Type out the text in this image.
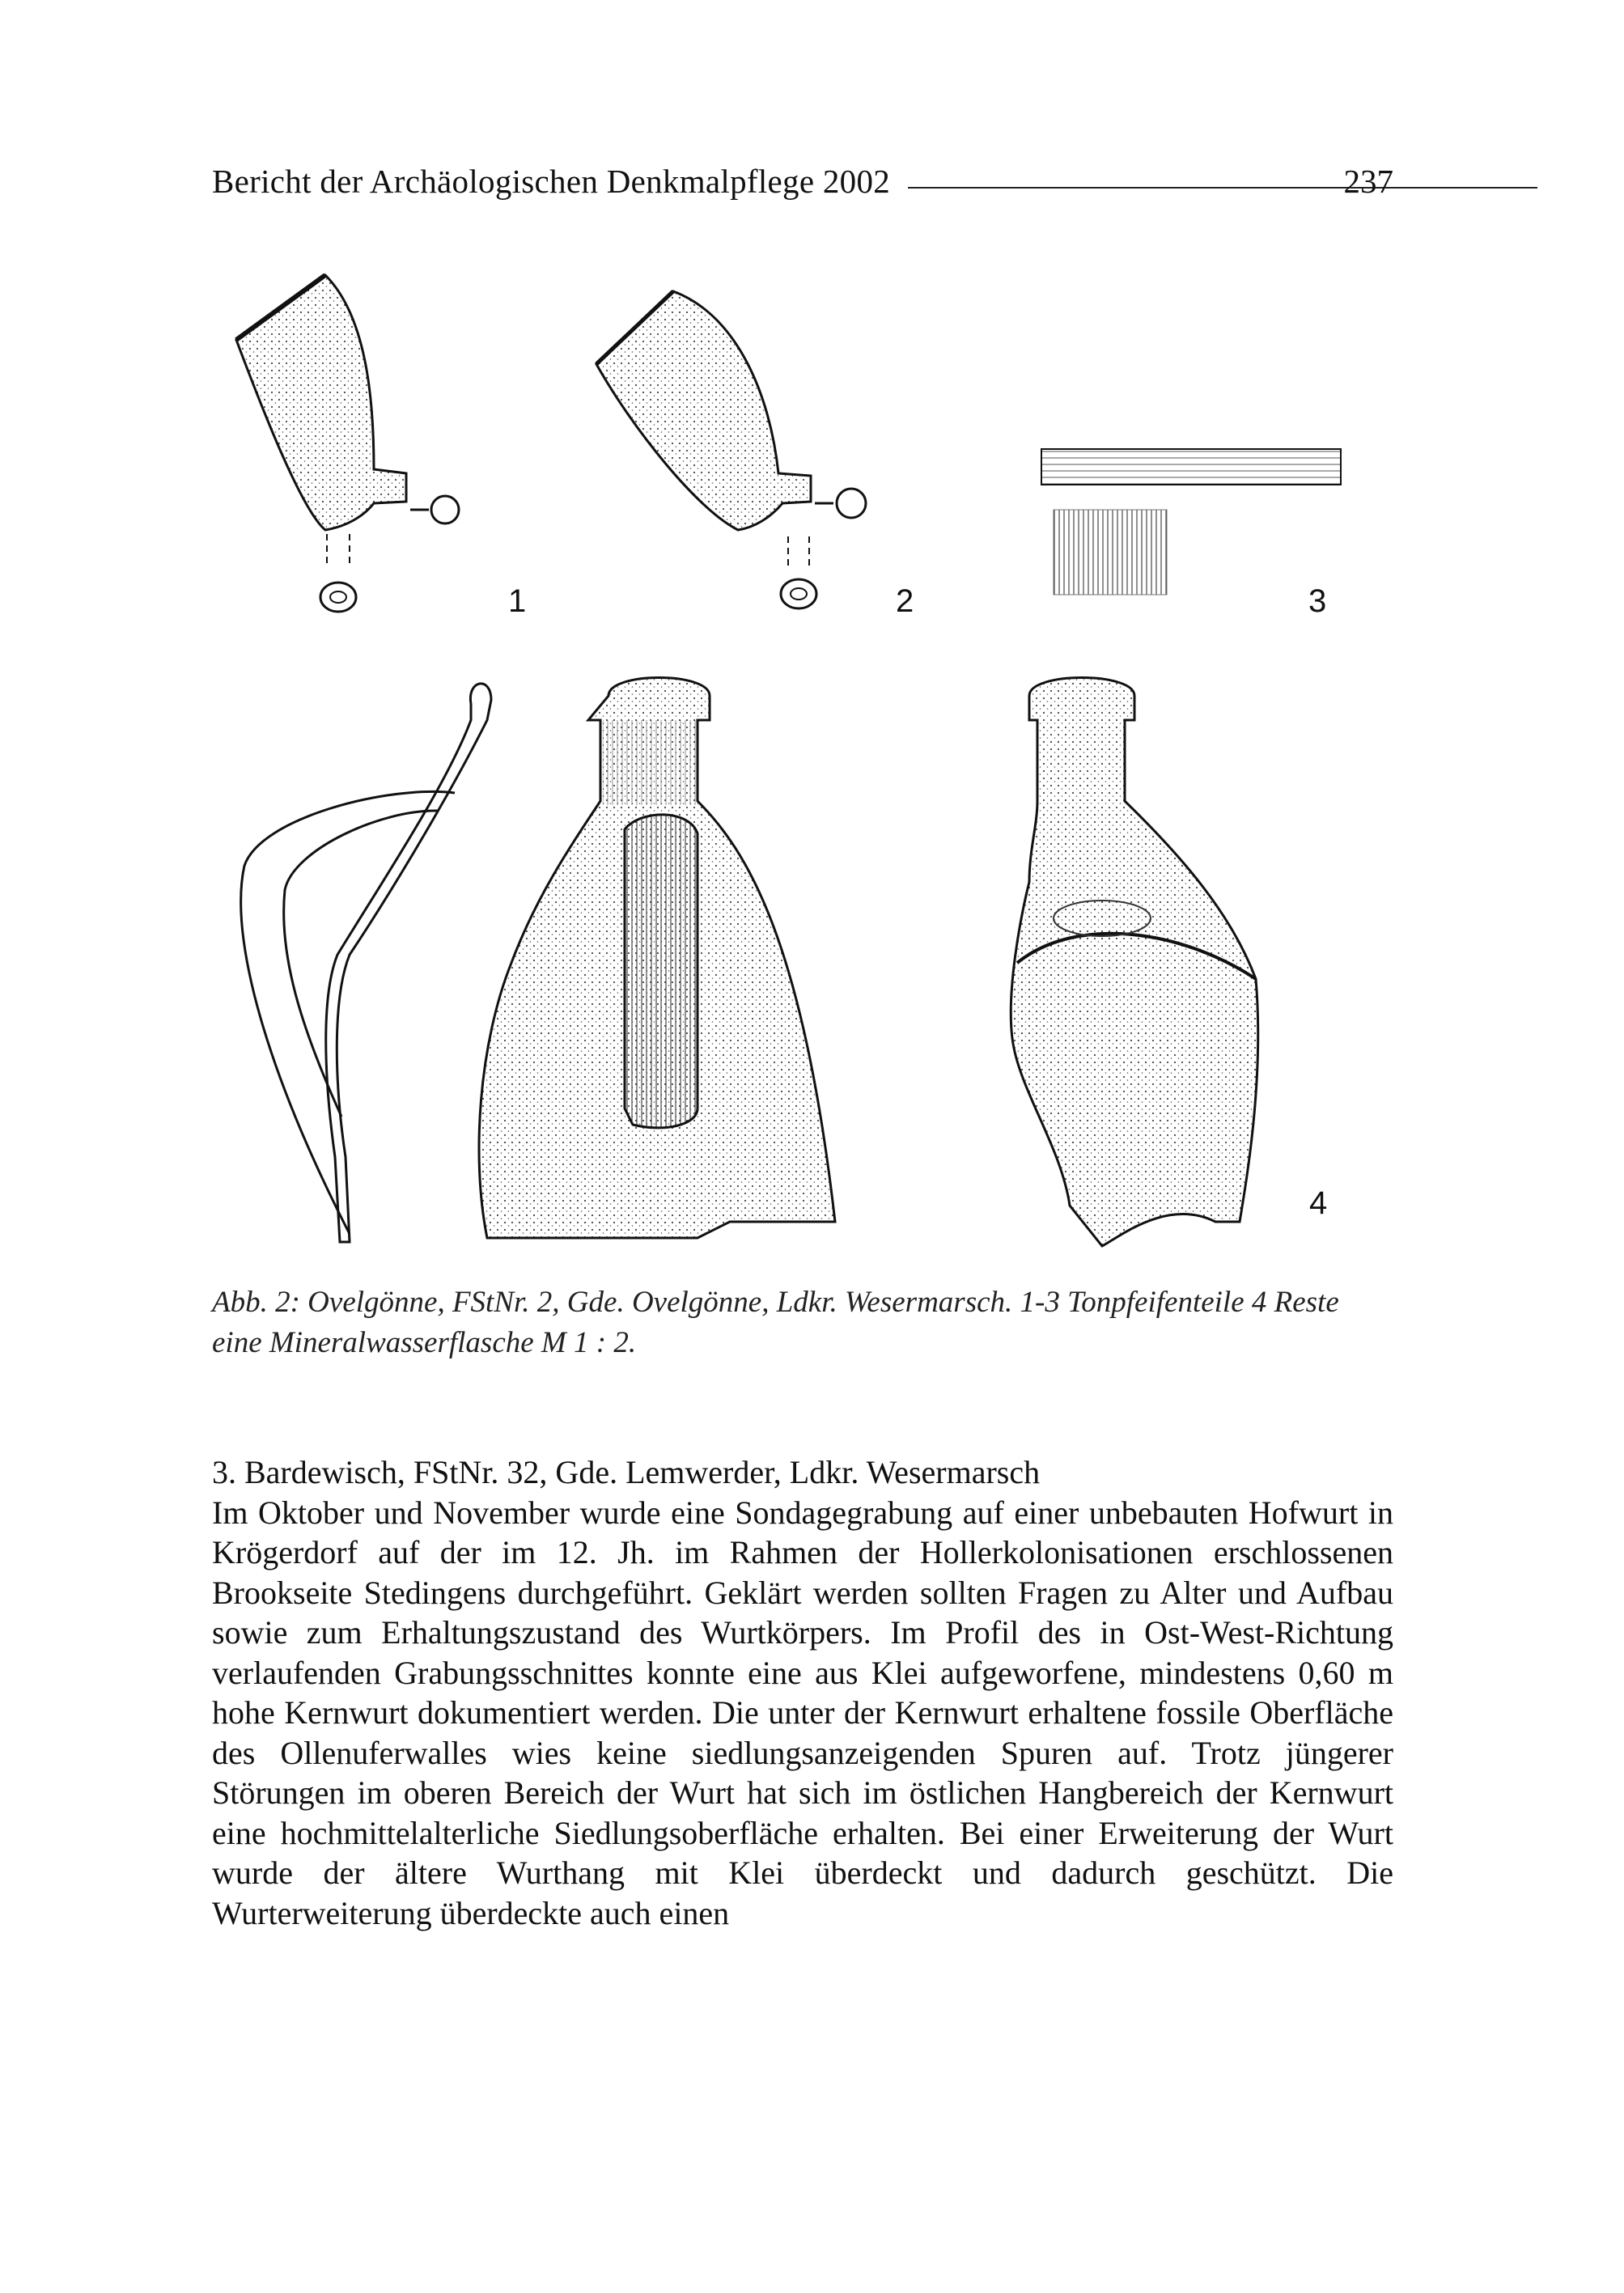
Bericht der Archäologischen Denkmalpflege 2002	237
1	2	3
4
Abb. 2: Ovelgönne, FStNr. 2, Gde. Ovelgönne, Ldkr. Wesermarsch. 1-3 Tonpfeifenteile 4 Reste eine Mineralwasserflasche M 1 : 2.
3. Bardewisch, FStNr. 32, Gde. Lemwerder, Ldkr. Wesermarsch
Im Oktober und November wurde eine Sondagegrabung auf einer unbebauten Hofwurt in Krögerdorf auf der im 12. Jh. im Rahmen der Hollerkolonisationen erschlossenen Brookseite Stedingens durchgeführt. Geklärt werden sollten Fragen zu Alter und Aufbau sowie zum Erhaltungszustand des Wurtkörpers. Im Profil des in Ost-West-Richtung verlaufenden Grabungsschnittes konnte eine aus Klei aufgeworfene, mindestens 0,60 m hohe Kernwurt dokumentiert werden. Die unter der Kernwurt erhaltene fossile Oberfläche des Ollenuferwalles wies keine siedlungsanzeigenden Spuren auf. Trotz jüngerer Störungen im oberen Bereich der Wurt hat sich im östlichen Hangbereich der Kernwurt eine hochmittelalterliche Siedlungsoberfläche erhalten. Bei einer Erweiterung der Wurt wurde der ältere Wurthang mit Klei überdeckt und dadurch geschützt. Die Wurterweiterung überdeckte auch einen
